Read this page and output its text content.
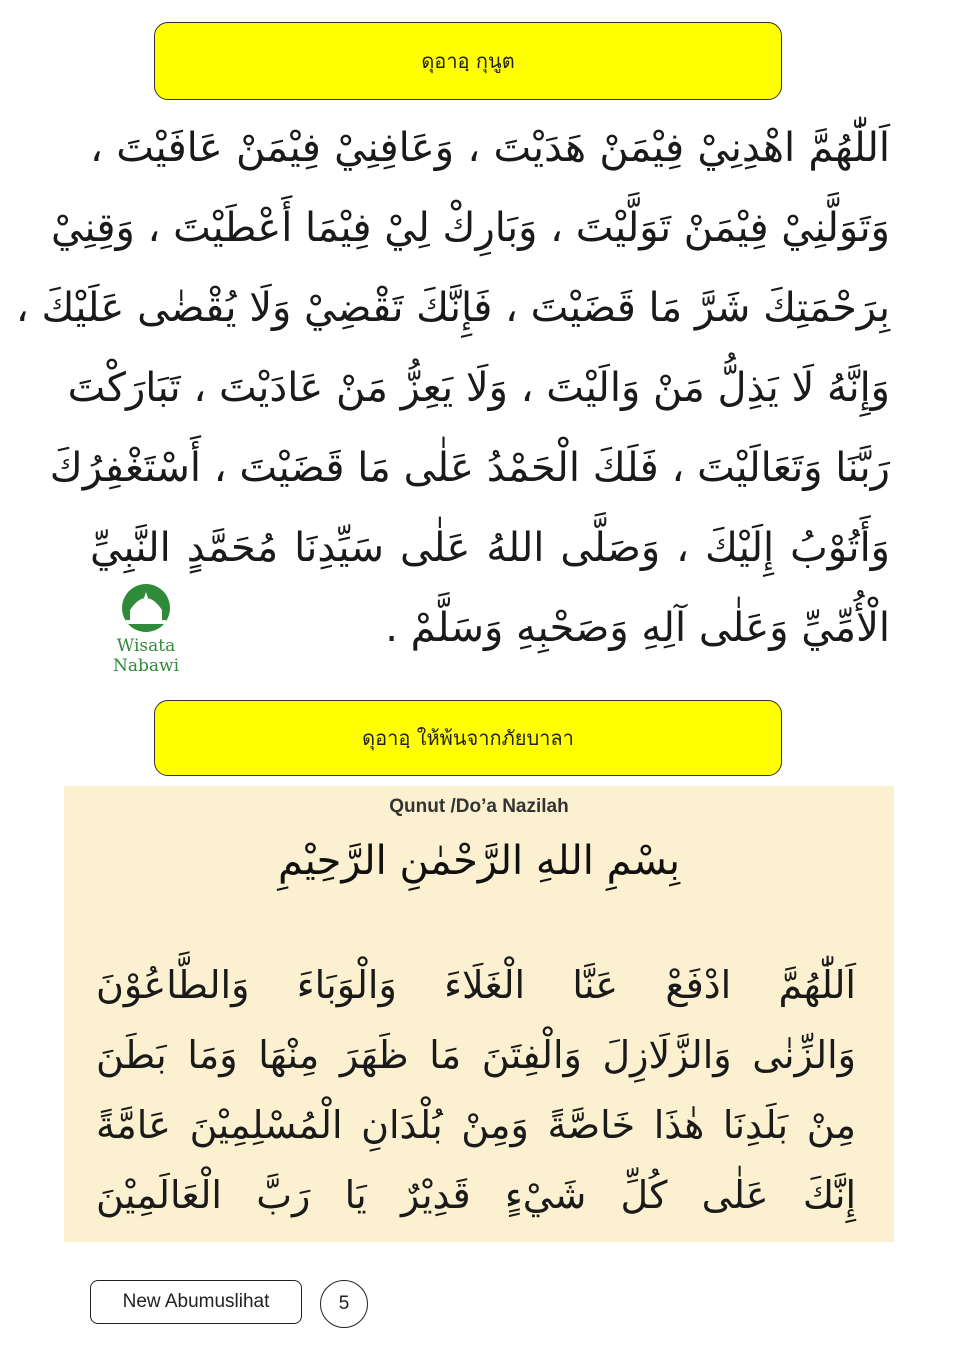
ดุอาอฺ กุนูต
اَللّٰهُمَّ اهْدِنِيْ فِيْمَنْ هَدَيْتَ ، وَعَافِنِيْ فِيْمَنْ عَافَيْتَ ،
وَتَوَلَّنِيْ فِيْمَنْ تَوَلَّيْتَ ، وَبَارِكْ لِيْ فِيْمَا أَعْطَيْتَ ، وَقِنِيْ
بِرَحْمَتِكَ شَرَّ مَا قَضَيْتَ ، فَإِنَّكَ تَقْضِيْ وَلَا يُقْضٰى عَلَيْكَ ،
وَإِنَّهُ لَا يَذِلُّ مَنْ وَالَيْتَ ، وَلَا يَعِزُّ مَنْ عَادَيْتَ ، تَبَارَكْتَ
رَبَّنَا وَتَعَالَيْتَ ، فَلَكَ الْحَمْدُ عَلٰى مَا قَضَيْتَ ، أَسْتَغْفِرُكَ
وَأَتُوْبُ إِلَيْكَ ، وَصَلَّى اللهُ عَلٰى سَيِّدِنَا مُحَمَّدٍ النَّبِيِّ
الْأُمِّيِّ وَعَلٰى آلِهِ وَصَحْبِهِ وَسَلَّمْ .
Wisata Nabawi
ดุอาอฺ ให้พ้นจากภัยบาลา
Qunut /Do’a Nazilah
بِسْمِ اللهِ الرَّحْمٰنِ الرَّحِيْمِ
اَللّٰهُمَّ ادْفَعْ عَنَّا الْغَلَاءَ وَالْوَبَاءَ وَالطَّاعُوْنَ
وَالزِّنٰى وَالزَّلَازِلَ وَالْفِتَنَ مَا ظَهَرَ مِنْهَا وَمَا بَطَنَ
مِنْ بَلَدِنَا هٰذَا خَاصَّةً وَمِنْ بُلْدَانِ الْمُسْلِمِيْنَ عَامَّةً
إِنَّكَ عَلٰى كُلِّ شَيْءٍ قَدِيْرٌ يَا رَبَّ الْعَالَمِيْنَ
New Abumuslihat	5
